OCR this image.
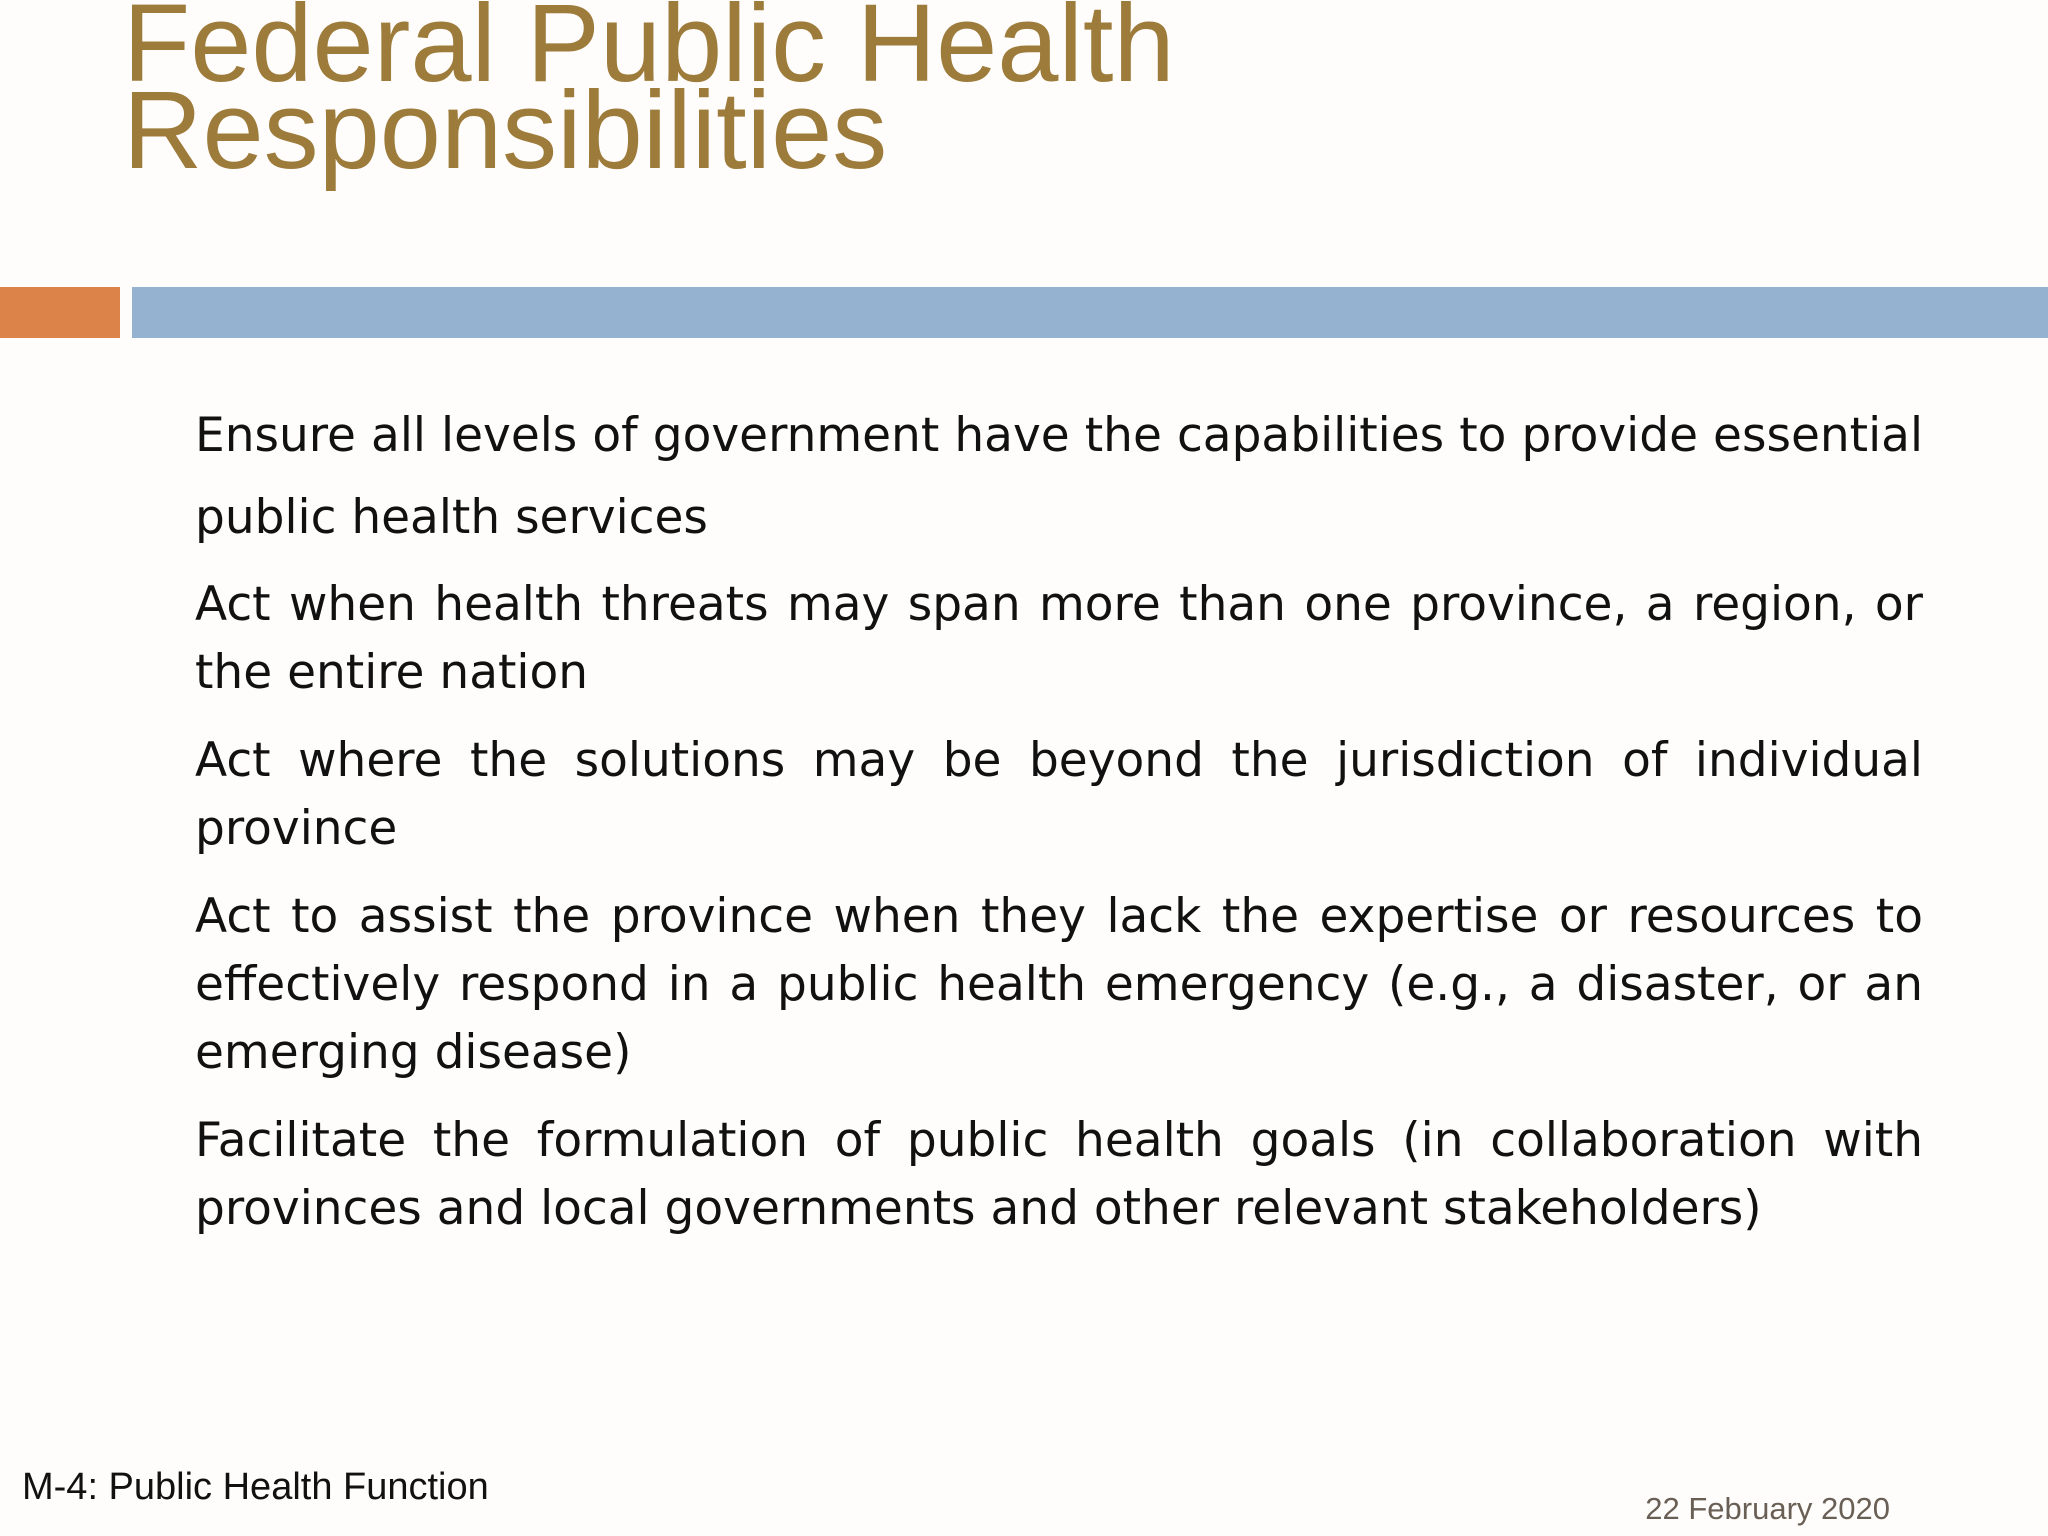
Federal Public Health
Responsibilities
Ensure all levels of government have the capabilities to provide essential public health services
Act when health threats may span more than one province, a region, or the entire nation
Act where the solutions may be beyond the jurisdiction of individual province
Act to assist the province when they lack the expertise or resources to effectively respond in a public health emergency (e.g., a disaster, or an emerging disease)
Facilitate the formulation of public health goals (in collaboration with provinces and local governments and other relevant stakeholders)
M-4: Public Health Function
22 February 2020
